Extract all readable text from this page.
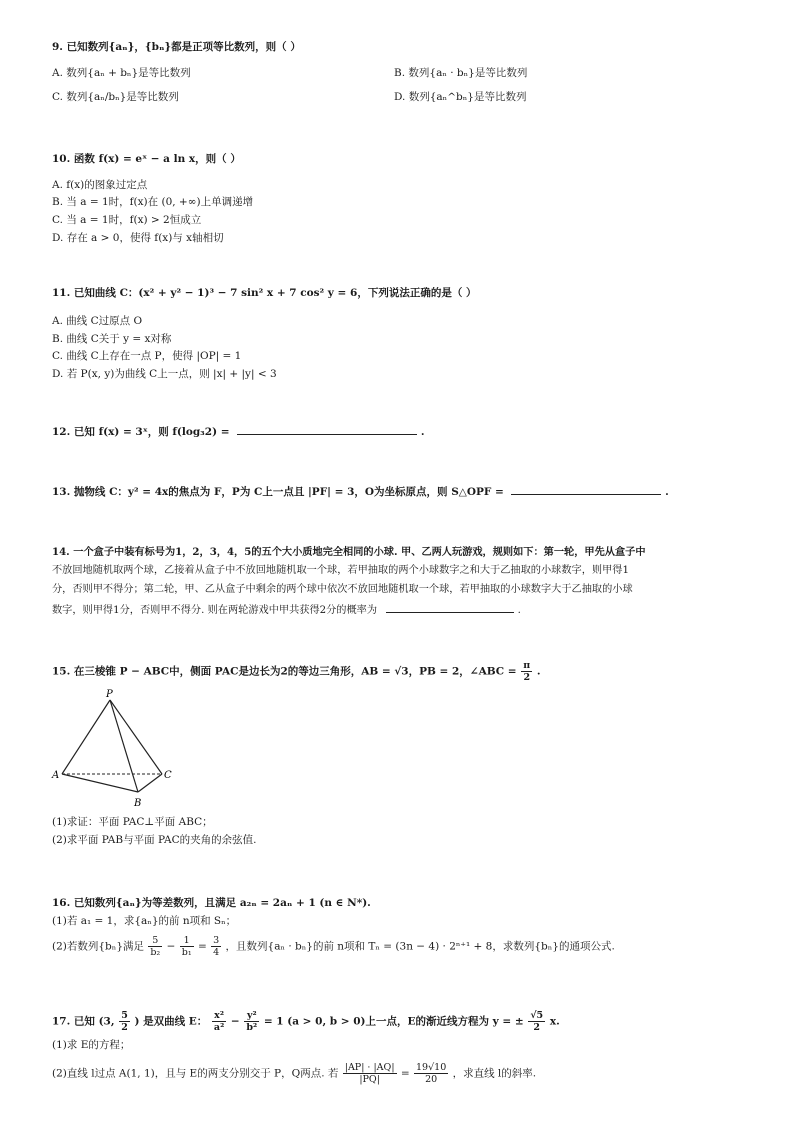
9. 已知数列{aₙ}，{bₙ}都是正项等比数列，则（ ）
A. 数列{aₙ + bₙ}是等比数列	B. 数列{aₙ · bₙ}是等比数列
C. 数列{aₙ/bₙ}是等比数列	D. 数列{aₙ^bₙ}是等比数列
10. 函数 f(x) = eˣ − a ln x，则（ ）
A. f(x)的图象过定点
B. 当 a = 1时，f(x)在 (0, +∞)上单调递增
C. 当 a = 1时，f(x) > 2恒成立
D. 存在 a > 0，使得 f(x)与 x轴相切
11. 已知曲线 C：(x² + y² − 1)³ − 7 sin² x + 7 cos² y = 6，下列说法正确的是（ ）
A. 曲线 C过原点 O
B. 曲线 C关于 y = x对称
C. 曲线 C上存在一点 P，使得 |OP| = 1
D. 若 P(x, y)为曲线 C上一点，则 |x| + |y| < 3
12. 已知 f(x) = 3ˣ，则 f(log₃2) =	.
13. 抛物线 C：y² = 4x的焦点为 F，P为 C上一点且 |PF| = 3，O为坐标原点，则 S△OPF =	.
14. 一个盒子中装有标号为1，2，3，4，5的五个大小质地完全相同的小球. 甲、乙两人玩游戏，规则如下：第一轮，甲先从盒子中
不放回地随机取两个球，乙接着从盒子中不放回地随机取一个球，若甲抽取的两个小球数字之和大于乙抽取的小球数字，则甲得1
分，否则甲不得分；第二轮，甲、乙从盒子中剩余的两个球中依次不放回地随机取一个球，若甲抽取的小球数字大于乙抽取的小球
数字，则甲得1分，否则甲不得分. 则在两轮游戏中甲共获得2分的概率为	.
15. 在三棱锥 P − ABC中，侧面 PAC是边长为2的等边三角形，AB = √3，PB = 2，∠ABC = $\frac{\pi}{2}$ .
P
A	C
B
(1)求证：平面 PAC⊥平面 ABC；
(2)求平面 PAB与平面 PAC的夹角的余弦值.
16. 已知数列{aₙ}为等差数列，且满足 a₂ₙ = 2aₙ + 1 (n ∈ N*).
(1)若 a₁ = 1，求{aₙ}的前 n项和 Sₙ；
(2)若数列{bₙ}满足 $\frac{5}{\text{b₂}} - \frac{1}{\text{b₁}} = \frac{3}{4}$ ，且数列{aₙ · bₙ}的前 n项和 Tₙ = (3n − 4) · 2ⁿ⁺¹ + 8，求数列{bₙ}的通项公式.
17. 已知 (3, $\frac{5}{2}$ ) 是双曲线 E： $\frac{\text{x²}}{\text{a²}} - \frac{\text{y²}}{\text{b²}} = 1$ (a > 0, b > 0)上一点，E的渐近线方程为 y = ± $\frac{√5}{2} x$.
(1)求 E的方程；
(2)直线 l过点 A(1, 1)，且与 E的两支分别交于 P，Q两点. 若 $\frac{|AP| \cdot |AQ|}{|PQ|} = \frac{19√10}{20}$ ，求直线 l的斜率.
